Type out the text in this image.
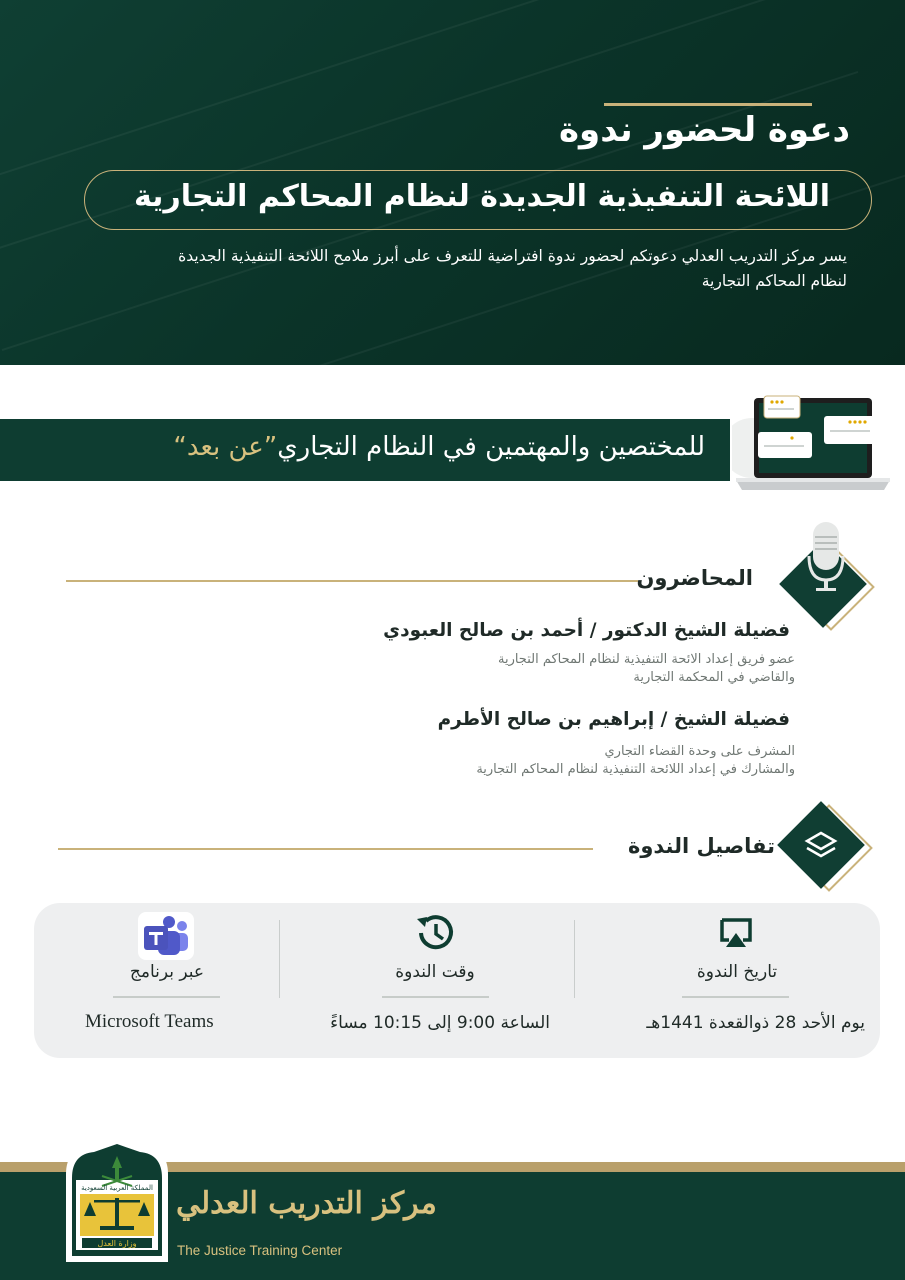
دعوة لحضور ندوة
اللائحة التنفيذية الجديدة لنظام المحاكم التجارية
يسر مركز التدريب العدلي دعوتكم لحضور ندوة افتراضية للتعرف على أبرز ملامح اللائحة التنفيذية الجديدة لنظام المحاكم التجارية
للمختصين والمهتمين في النظام التجاري”عن بعد“
المحاضرون
فضيلة الشيخ الدكتور / أحمد بن صالح العبودي
عضو فريق إعداد الائحة التنفيذية لنظام المحاكم التجارية
والقاضي في المحكمة التجارية
فضيلة الشيخ / إبراهيم بن صالح الأطرم
المشرف على وحدة القضاء التجاري
والمشارك في إعداد اللائحة التنفيذية لنظام المحاكم التجارية
تفاصيل الندوة
تاريخ الندوة
يوم الأحد 28 ذوالقعدة 1441هـ
وقت الندوة
الساعة 9:00 إلى 10:15 مساءً
عبر برنامج
Microsoft Teams
المملكة العربية السعودية
وزارة العدل
مركز التدريب العدلي
The Justice Training Center
